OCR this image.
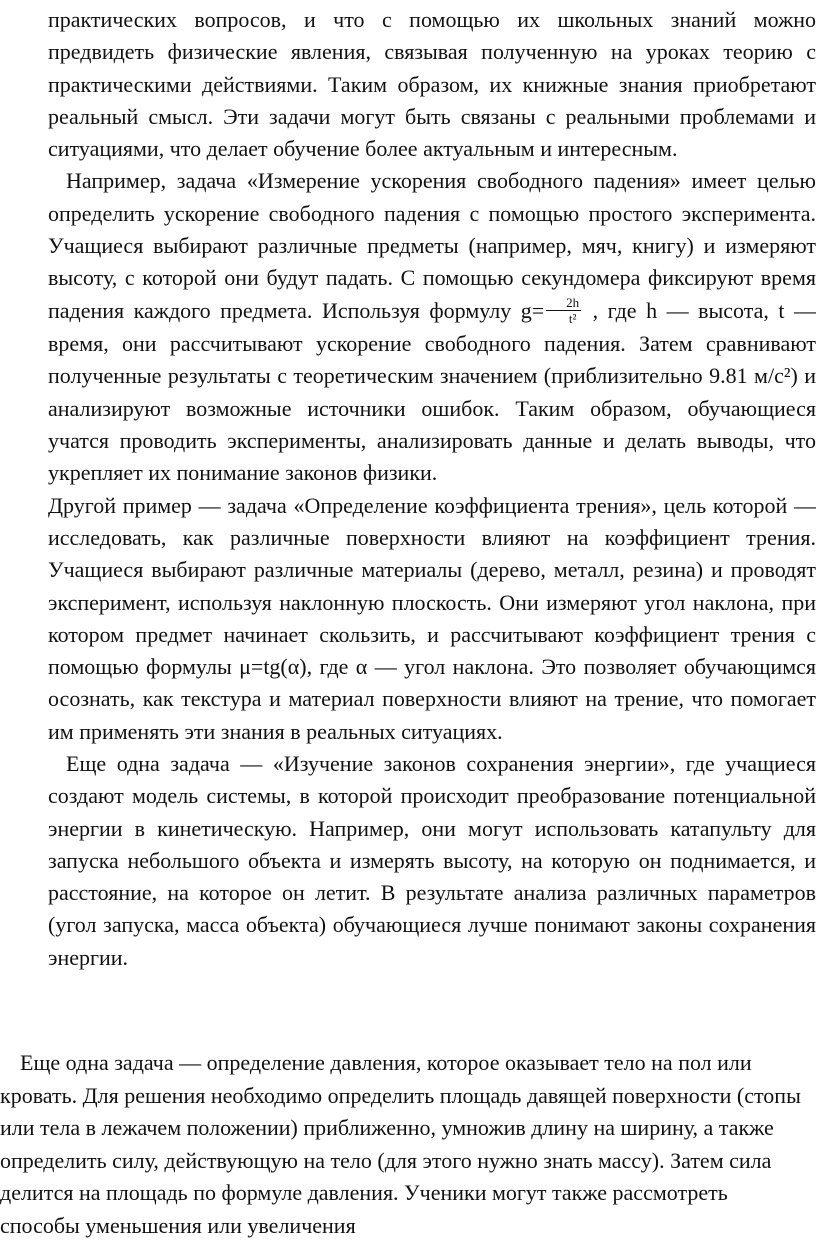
практических вопросов, и что с помощью их школьных знаний можно предвидеть физические явления, связывая полученную на уроках теорию с практическими действиями. Таким образом, их книжные знания приобретают реальный смысл. Эти задачи могут быть связаны с реальными проблемами и ситуациями, что делает обучение более актуальным и интересным.

Например, задача «Измерение ускорения свободного падения» имеет целью определить ускорение свободного падения с помощью простого эксперимента. Учащиеся выбирают различные предметы (например, мяч, книгу) и измеряют высоту, с которой они будут падать. С помощью секундомера фиксируют время падения каждого предмета. Используя формулу $g= \frac{2h}{\text{t²}}$ , где h — высота, t — время, они рассчитывают ускорение свободного падения. Затем сравнивают полученные результаты с теоретическим значением (приблизительно 9.81 м/с²) и анализируют возможные источники ошибок. Таким образом, обучающиеся учатся проводить эксперименты, анализировать данные и делать выводы, что укрепляет их понимание законов физики.

Другой пример — задача «Определение коэффициента трения», цель которой — исследовать, как различные поверхности влияют на коэффициент трения. Учащиеся выбирают различные материалы (дерево, металл, резина) и проводят эксперимент, используя наклонную плоскость. Они измеряют угол наклона, при котором предмет начинает скользить, и рассчитывают коэффициент трения с помощью формулы μ=tg(α), где α — угол наклона. Это позволяет обучающимся осознать, как текстура и материал поверхности влияют на трение, что помогает им применять эти знания в реальных ситуациях.

Еще одна задача — «Изучение законов сохранения энергии», где учащиеся создают модель системы, в которой происходит преобразование потенциальной энергии в кинетическую. Например, они могут использовать катапульту для запуска небольшого объекта и измерять высоту, на которую он поднимается, и расстояние, на которое он летит. В результате анализа различных параметров (угол запуска, масса объекта) обучающиеся лучше понимают законы сохранения энергии.

Еще одна задача — определение давления, которое оказывает тело на пол или кровать. Для решения необходимо определить площадь давящей поверхности (стопы или тела в лежачем положении) приближенно, умножив длину на ширину, а также определить силу, действующую на тело (для этого нужно знать массу). Затем сила делится на площадь по формуле давления. Ученики могут также рассмотреть способы уменьшения или увеличения
